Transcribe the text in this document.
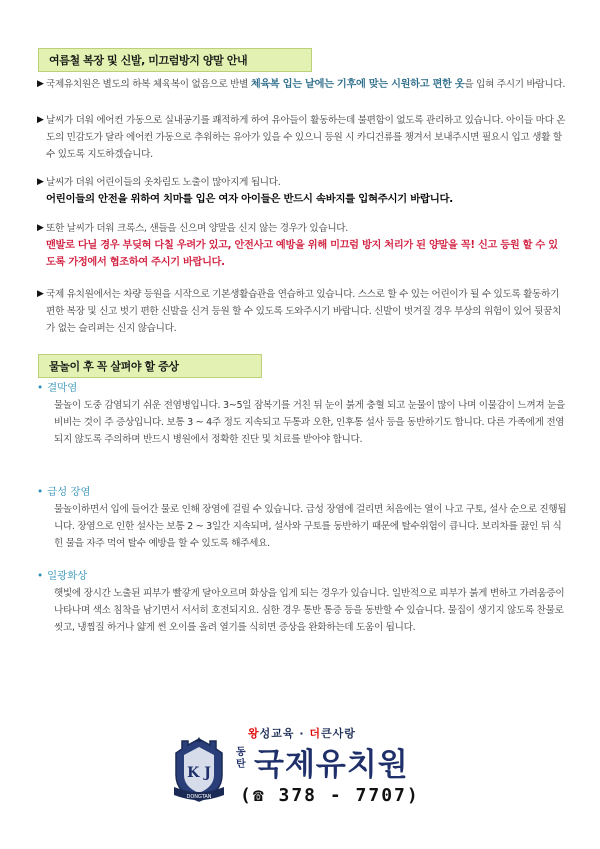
여름철 복장 및 신발, 미끄럼방지 양말 안내
▶ 국제유치원은 별도의 하복 체육복이 없음으로 반별 체육복 입는 날에는 기후에 맞는 시원하고 편한 옷을 입혀 주시기 바랍니다.
▶ 날씨가 더워 에어컨 가동으로 실내공기를 쾌적하게 하여 유아들이 활동하는데 불편함이 없도록 관리하고 있습니다. 아이들 마다 온도의 민감도가 달라 에어컨 가동으로 추워하는 유아가 있을 수 있으니 등원 시 카디건류를 챙겨서 보내주시면 필요시 입고 생활 할 수 있도록 지도하겠습니다.
▶ 날씨가 더워 어린이들의 옷차림도 노출이 많아지게 됩니다.
어린이들의 안전을 위하여 치마를 입은 여자 아이들은 반드시 속바지를 입혀주시기 바랍니다.
▶ 또한 날씨가 더워 크록스, 샌들을 신으며 양말을 신지 않는 경우가 있습니다.
맨발로 다닐 경우 부딪혀 다칠 우려가 있고, 안전사고 예방을 위해 미끄럼 방지 처리가 된 양말을 꼭! 신고 등원 할 수 있도록 가정에서 협조하여 주시기 바랍니다.
▶ 국제 유치원에서는 차량 등원을 시작으로 기본생활습관을 연습하고 있습니다. 스스로 할 수 있는 어린이가 될 수 있도록 활동하기 편한 복장 및 신고 벗기 편한 신발을 신겨 등원 할 수 있도록 도와주시기 바랍니다. 신발이 벗겨질 경우 부상의 위험이 있어 뒷꿈치가 없는 슬리퍼는 신지 않습니다.
물놀이 후 꼭 살펴야 할 증상
• 결막염
물놀이 도중 감염되기 쉬운 전염병입니다. 3~5일 잠복기를 거친 뒤 눈이 붉게 충혈 되고 눈물이 많이 나며 이물감이 느껴져 눈을 비비는 것이 주 증상입니다. 보통 3 ~ 4주 정도 지속되고 두통과 오한, 인후통 설사 등을 동반하기도 합니다. 다른 가족에게 전염되지 않도록 주의하며 반드시 병원에서 정확한 진단 및 치료를 받아야 합니다.
• 급성 장염
물놀이하면서 입에 들어간 물로 인해 장염에 걸릴 수 있습니다. 급성 장염에 걸리면 처음에는 열이 나고 구토, 설사 순으로 진행됩니다. 장염으로 인한 설사는 보통 2 ~ 3일간 지속되며, 설사와 구토를 동반하기 때문에 탈수위험이 큽니다. 보리차를 끓인 뒤 식힌 물을 자주 먹여 탈수 예방을 할 수 있도록 해주세요.
• 일광화상
햇빛에 장시간 노출된 피부가 빨갛게 달아오르며 화상을 입게 되는 경우가 있습니다. 일반적으로 피부가 붉게 변하고 가려움증이 나타나며 색소 침착을 남기면서 서서히 호전되지요. 심한 경우 통반 통증 등을 동반할 수 있습니다. 물집이 생기지 않도록 찬물로 씻고, 냉찜질 하거나 얇게 썬 오이를 올려 열기를 식히면 증상을 완화하는데 도움이 됩니다.
K J
DONGTAN
왕성교육 · 더큰사랑
동탄 국제유치원
(☎ 378 - 7707)
